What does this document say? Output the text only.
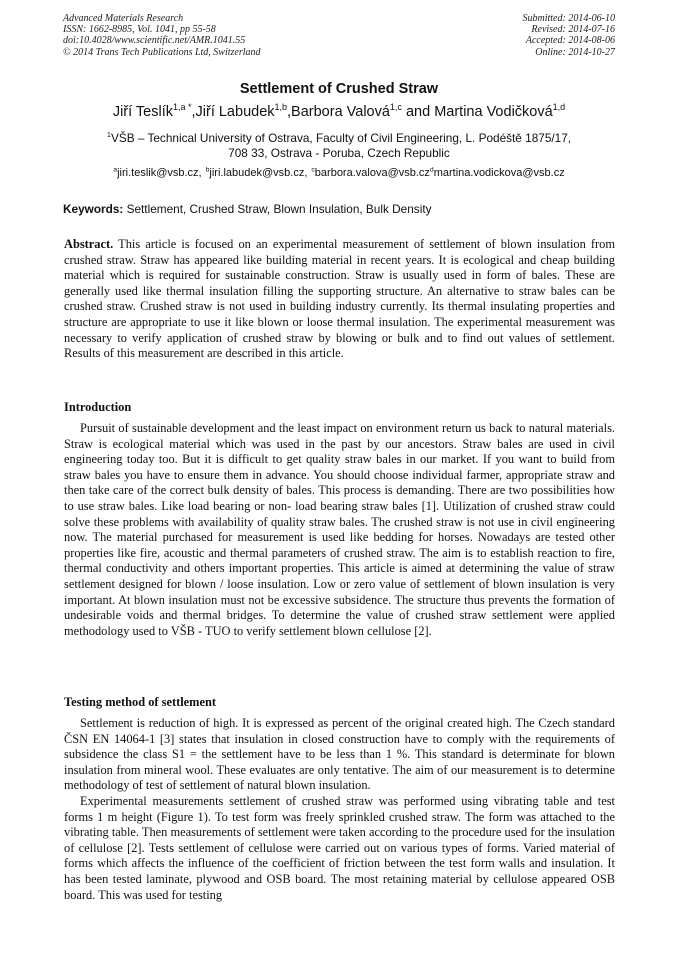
Advanced Materials Research
ISSN: 1662-8985, Vol. 1041, pp 55-58
doi:10.4028/www.scientific.net/AMR.1041.55
© 2014 Trans Tech Publications Ltd, Switzerland
Submitted: 2014-06-10
Revised: 2014-07-16
Accepted: 2014-08-06
Online: 2014-10-27
Settlement of Crushed Straw
Jiří Teslík$^{1,a *}$,Jiří Labudek$^{1,b}$,Barbora Valová$^{1,c}$ and Martina Vodičková$^{1,d}$
$^1$VŠB – Technical University of Ostrava, Faculty of Civil Engineering, L. Podéště 1875/17,
708 33, Ostrava - Poruba, Czech Republic
$^a$jiri.teslik@vsb.cz, $^b$jiri.labudek@vsb.cz, $^cbarbora.valova@vsb.cz^dmartina.vodickova@vsb.cz$
Keywords: Settlement, Crushed Straw, Blown Insulation, Bulk Density
Abstract. This article is focused on an experimental measurement of settlement of blown insulation from crushed straw. Straw has appeared like building material in recent years. It is ecological and cheap building material which is required for sustainable construction. Straw is usually used in form of bales. These are generally used like thermal insulation filling the supporting structure. An alternative to straw bales can be crushed straw. Crushed straw is not used in building industry currently. Its thermal insulating properties and structure are appropriate to use it like blown or loose thermal insulation. The experimental measurement was necessary to verify application of crushed straw by blowing or bulk and to find out values of settlement. Results of this measurement are described in this article.
Introduction
Pursuit of sustainable development and the least impact on environment return us back to natural materials. Straw is ecological material which was used in the past by our ancestors. Straw bales are used in civil engineering today too. But it is difficult to get quality straw bales in our market. If you want to build from straw bales you have to ensure them in advance. You should choose individual farmer, appropriate straw and then take care of the correct bulk density of bales. This process is demanding. There are two possibilities how to use straw bales. Like load bearing or non- load bearing straw bales [1]. Utilization of crushed straw could solve these problems with availability of quality straw bales. The crushed straw is not use in civil engineering now. The material purchased for measurement is used like bedding for horses. Nowadays are tested other properties like fire, acoustic and thermal parameters of crushed straw. The aim is to establish reaction to fire, thermal conductivity and others important properties. This article is aimed at determining the value of straw settlement designed for blown / loose insulation. Low or zero value of settlement of blown insulation is very important. At blown insulation must not be excessive subsidence. The structure thus prevents the formation of undesirable voids and thermal bridges. To determine the value of crushed straw settlement were applied methodology used to VŠB - TUO to verify settlement blown cellulose [2].
Testing method of settlement

Settlement is reduction of high. It is expressed as percent of the original created high. The Czech standard ČSN EN 14064-1 [3] states that insulation in closed construction have to comply with the requirements of subsidence the class S1 = the settlement have to be less than 1 %. This standard is determinate for blown insulation from mineral wool. These evaluates are only tentative. The aim of our measurement is to determine methodology of test of settlement of natural blown insulation.

Experimental measurements settlement of crushed straw was performed using vibrating table and test forms 1 m height (Figure 1). To test form was freely sprinkled crushed straw. The form was attached to the vibrating table. Then measurements of settlement were taken according to the procedure used for the insulation of cellulose [2]. Tests settlement of cellulose were carried out on various types of forms. Varied material of forms which affects the influence of the coefficient of friction between the test form walls and insulation. It has been tested laminate, plywood and OSB board. The most retaining material by cellulose appeared OSB board. This was used for testing
